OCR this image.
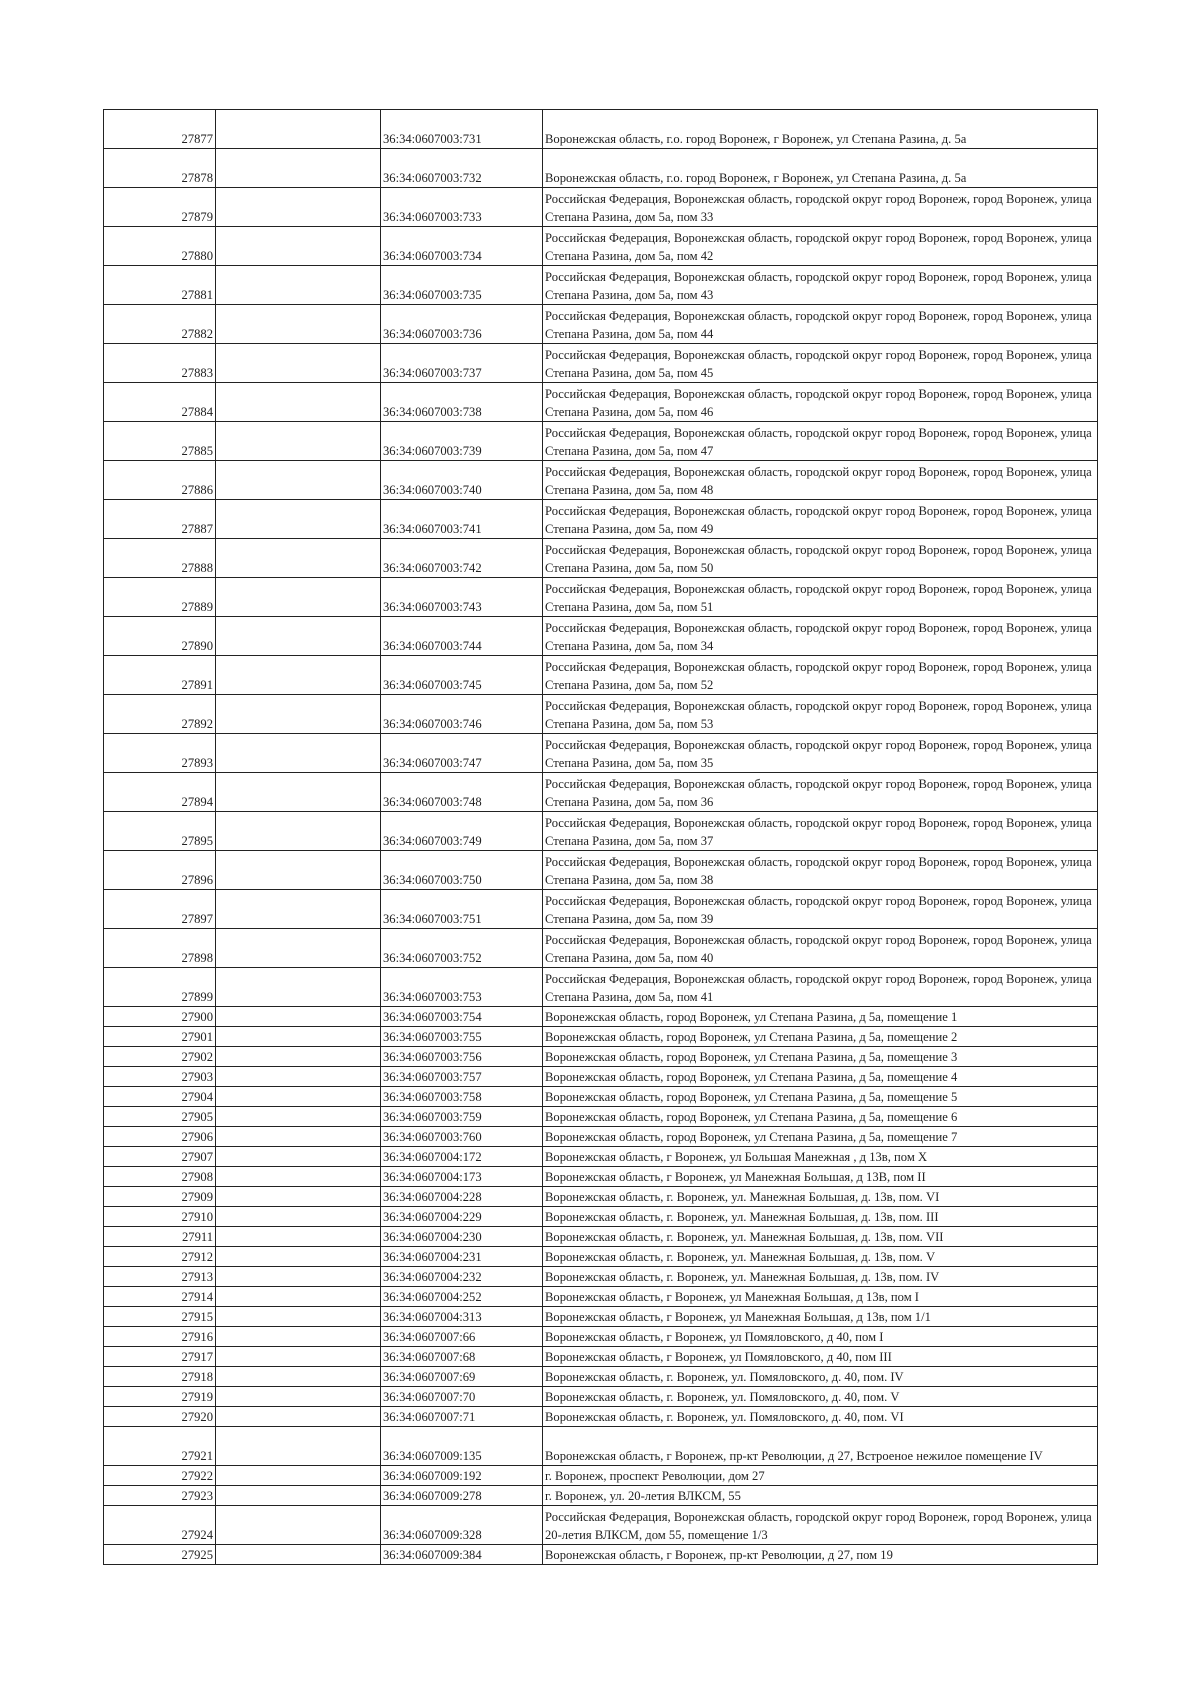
27877		36:34:0607003:731	Воронежская область, г.о. город Воронеж, г Воронеж, ул Степана Разина, д. 5а
27878		36:34:0607003:732	Воронежская область, г.о. город Воронеж, г Воронеж, ул Степана Разина, д. 5а
27879		36:34:0607003:733	Российская Федерация, Воронежская область, городской округ город Воронеж, город Воронеж, улица Степана Разина, дом 5а, пом 33
27880		36:34:0607003:734	Российская Федерация, Воронежская область, городской округ город Воронеж, город Воронеж, улица Степана Разина, дом 5а, пом 42
27881		36:34:0607003:735	Российская Федерация, Воронежская область, городской округ город Воронеж, город Воронеж, улица Степана Разина, дом 5а, пом 43
27882		36:34:0607003:736	Российская Федерация, Воронежская область, городской округ город Воронеж, город Воронеж, улица Степана Разина, дом 5а, пом 44
27883		36:34:0607003:737	Российская Федерация, Воронежская область, городской округ город Воронеж, город Воронеж, улица Степана Разина, дом 5а, пом 45
27884		36:34:0607003:738	Российская Федерация, Воронежская область, городской округ город Воронеж, город Воронеж, улица Степана Разина, дом 5а, пом 46
27885		36:34:0607003:739	Российская Федерация, Воронежская область, городской округ город Воронеж, город Воронеж, улица Степана Разина, дом 5а, пом 47
27886		36:34:0607003:740	Российская Федерация, Воронежская область, городской округ город Воронеж, город Воронеж, улица Степана Разина, дом 5а, пом 48
27887		36:34:0607003:741	Российская Федерация, Воронежская область, городской округ город Воронеж, город Воронеж, улица Степана Разина, дом 5а, пом 49
27888		36:34:0607003:742	Российская Федерация, Воронежская область, городской округ город Воронеж, город Воронеж, улица Степана Разина, дом 5а, пом 50
27889		36:34:0607003:743	Российская Федерация, Воронежская область, городской округ город Воронеж, город Воронеж, улица Степана Разина, дом 5а, пом 51
27890		36:34:0607003:744	Российская Федерация, Воронежская область, городской округ город Воронеж, город Воронеж, улица Степана Разина, дом 5а, пом 34
27891		36:34:0607003:745	Российская Федерация, Воронежская область, городской округ город Воронеж, город Воронеж, улица Степана Разина, дом 5а, пом 52
27892		36:34:0607003:746	Российская Федерация, Воронежская область, городской округ город Воронеж, город Воронеж, улица Степана Разина, дом 5а, пом 53
27893		36:34:0607003:747	Российская Федерация, Воронежская область, городской округ город Воронеж, город Воронеж, улица Степана Разина, дом 5а, пом 35
27894		36:34:0607003:748	Российская Федерация, Воронежская область, городской округ город Воронеж, город Воронеж, улица Степана Разина, дом 5а, пом 36
27895		36:34:0607003:749	Российская Федерация, Воронежская область, городской округ город Воронеж, город Воронеж, улица Степана Разина, дом 5а, пом 37
27896		36:34:0607003:750	Российская Федерация, Воронежская область, городской округ город Воронеж, город Воронеж, улица Степана Разина, дом 5а, пом 38
27897		36:34:0607003:751	Российская Федерация, Воронежская область, городской округ город Воронеж, город Воронеж, улица Степана Разина, дом 5а, пом 39
27898		36:34:0607003:752	Российская Федерация, Воронежская область, городской округ город Воронеж, город Воронеж, улица Степана Разина, дом 5а, пом 40
27899		36:34:0607003:753	Российская Федерация, Воронежская область, городской округ город Воронеж, город Воронеж, улица Степана Разина, дом 5а, пом 41
27900		36:34:0607003:754	Воронежская область, город Воронеж, ул Степана Разина, д 5а, помещение 1
27901		36:34:0607003:755	Воронежская область, город Воронеж, ул Степана Разина, д 5а, помещение 2
27902		36:34:0607003:756	Воронежская область, город Воронеж, ул Степана Разина, д 5а, помещение 3
27903		36:34:0607003:757	Воронежская область, город Воронеж, ул Степана Разина, д 5а, помещение 4
27904		36:34:0607003:758	Воронежская область, город Воронеж, ул Степана Разина, д 5а, помещение 5
27905		36:34:0607003:759	Воронежская область, город Воронеж, ул Степана Разина, д 5а, помещение 6
27906		36:34:0607003:760	Воронежская область, город Воронеж, ул Степана Разина, д 5а, помещение 7
27907		36:34:0607004:172	Воронежская область, г Воронеж, ул Большая Манежная , д 13в, пом X
27908		36:34:0607004:173	Воронежская область, г Воронеж, ул Манежная Большая, д 13В, пом II
27909		36:34:0607004:228	Воронежская область, г. Воронеж, ул. Манежная Большая, д. 13в, пом. VI
27910		36:34:0607004:229	Воронежская область, г. Воронеж, ул. Манежная Большая, д. 13в, пом. III
27911		36:34:0607004:230	Воронежская область, г. Воронеж, ул. Манежная Большая, д. 13в, пом. VII
27912		36:34:0607004:231	Воронежская область, г. Воронеж, ул. Манежная Большая, д. 13в, пом. V
27913		36:34:0607004:232	Воронежская область, г. Воронеж, ул. Манежная Большая, д. 13в, пом. IV
27914		36:34:0607004:252	Воронежская область, г Воронеж, ул Манежная Большая, д 13в, пом I
27915		36:34:0607004:313	Воронежская область, г Воронеж, ул Манежная Большая, д 13в, пом 1/1
27916		36:34:0607007:66	Воронежская область, г Воронеж, ул Помяловского, д 40, пом I
27917		36:34:0607007:68	Воронежская область, г Воронеж, ул Помяловского, д 40, пом III
27918		36:34:0607007:69	Воронежская область, г. Воронеж, ул. Помяловского, д. 40, пом. IV
27919		36:34:0607007:70	Воронежская область, г. Воронеж, ул. Помяловского, д. 40, пом. V
27920		36:34:0607007:71	Воронежская область, г. Воронеж, ул. Помяловского, д. 40, пом. VI
27921		36:34:0607009:135	Воронежская область, г Воронеж, пр-кт Революции, д 27, Встроеное нежилое помещение IV
27922		36:34:0607009:192	г. Воронеж, проспект Революции, дом 27
27923		36:34:0607009:278	г. Воронеж, ул. 20-летия ВЛКСМ, 55
27924		36:34:0607009:328	Российская Федерация, Воронежская область, городской округ город Воронеж, город Воронеж, улица 20-летия ВЛКСМ, дом 55, помещение 1/3
27925		36:34:0607009:384	Воронежская область, г Воронеж, пр-кт Революции, д 27, пом 19
